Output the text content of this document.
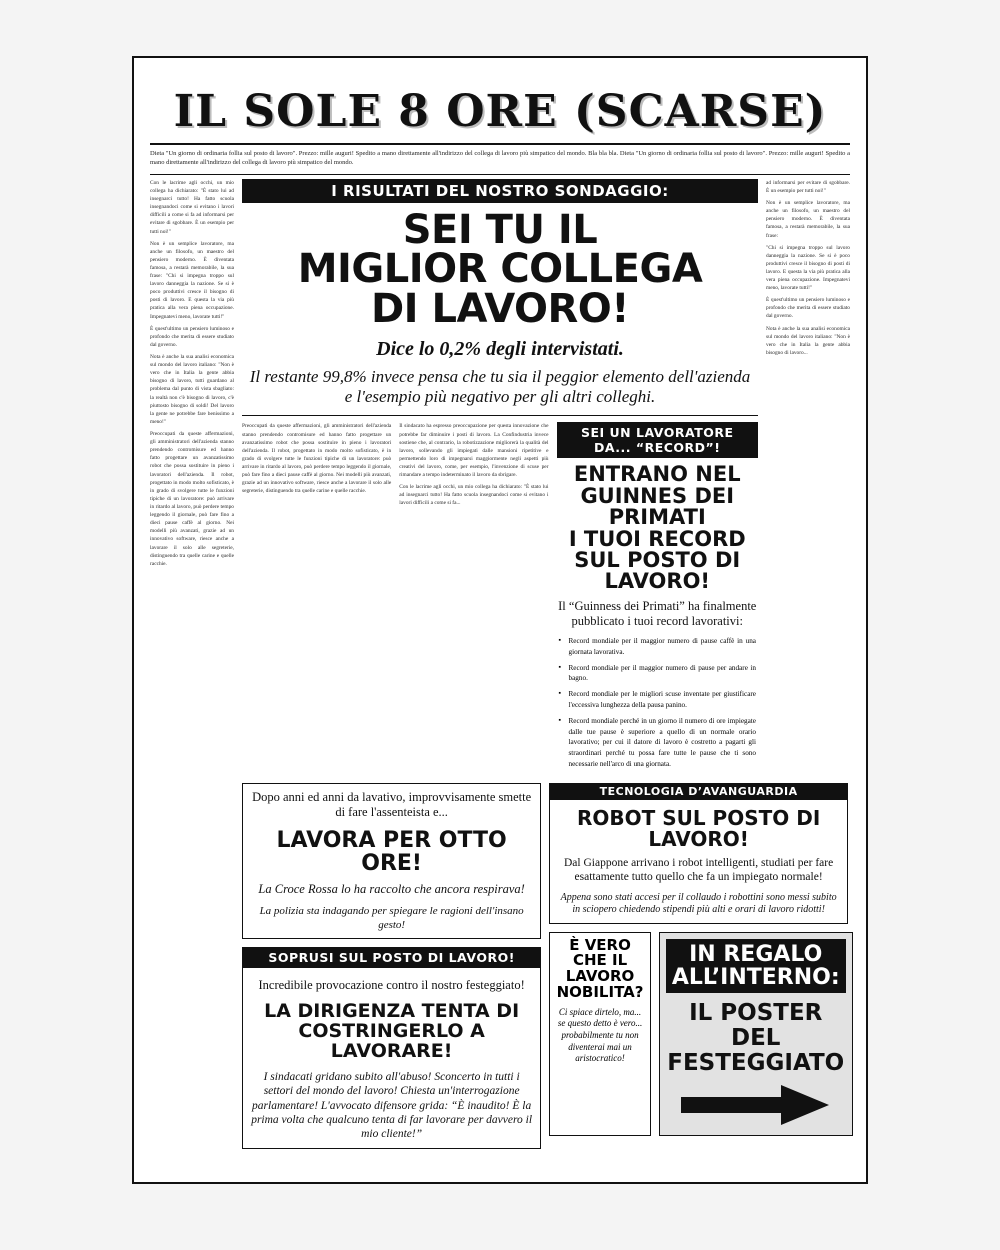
IL SOLE 8 ORE (SCARSE)
Dieta "Un giorno di ordinaria follia sul posto di lavoro". Prezzo: mille auguri! Spedito a mano direttamente all'indirizzo del collega di lavoro più simpatico del mondo. Bla bla bla. Dieta "Un giorno di ordinaria follia sul posto di lavoro". Prezzo: mille auguri! Spedito a mano direttamente all'indirizzo del collega di lavoro più simpatico del mondo.

Con le lacrime agli occhi, un mio collega ha dichiarato: "È stato lui ad insegnarci tutto! Ha fatto scuola insegnandoci come si evitano i lavori difficili a come si fa ad informarsi per evitare di sgobbare. È un esempio per tutti noi!"

Non è un semplice lavoratore, ma anche un filosofo, un maestro del pensiero moderno. È diventata famosa, a restarà memorabile, la sua frase: "Chi si impegna troppo sul lavoro danneggia la nazione. Se si è poco produttivi cresce il bisogno di posti di lavoro. E questa la via più pratica alla vera piena occupazione. Impegnatevi meno, lavorate tutti!"

È quest'ultimo un pensiero luminoso e profondo che merita di essere studiato dal governo.

Nota è anche la sua analisi economica sul mondo del lavoro italiano: "Non è vero che in Italia la gente abbia bisogno di lavoro, tutti guardano al problema dal punto di vista sbagliato: la realtà non c'è bisogno di lavoro, c'è piuttosto bisogno di soldi! Del lavoro la gente ne potrebbe fare benissimo a meno!"

Preoccupati da queste affermazioni, gli amministratori dell'azienda stanno prendendo contromisure ed hanno fatto progettare un avanzatissimo robot che possa sostituire in pieno i lavoratori dell'azienda. Il robot, progettato in modo molto sofisticato, è in grado di svolgere tutte le funzioni tipiche di un lavoratore: può arrivare in ritardo al lavoro, può perdere tempo leggendo il giornale, può fare fino a dieci pause caffè al giorno. Nei modelli più avanzati, grazie ad un innovativo software, riesce anche a lavorare il solo alle segreterie, distinguendo tra quelle carine e quelle racchie.

I RISULTATI DEL NOSTRO SONDAGGIO:
SEI TU IL
MIGLIOR COLLEGA
DI LAVORO!
Dice lo 0,2% degli intervistati.
Il restante 99,8% invece pensa che tu sia il peggior elemento dell'azienda e l'esempio più negativo per gli altri colleghi.

Preoccupati da queste affermazioni, gli amministratori dell'azienda stanno prendendo contromisure ed hanno fatto progettare un avanzatissimo robot che possa sostituire in pieno i lavoratori dell'azienda. Il robot, progettato in modo molto sofisticato, è in grado di svolgere tutte le funzioni tipiche di un lavoratore: può arrivare in ritardo al lavoro, può perdere tempo leggendo il giornale, può fare fino a dieci pause caffè al giorno. Nei modelli più avanzati, grazie ad un innovativo software, riesce anche a lavorare il solo alle segreterie, distinguendo tra quelle carine e quelle racchie.

Il sindacato ha espresso preoccupazione per questa innovazione che potrebbe far diminuire i posti di lavoro. La Confindustria invece sostiene che, al contrario, la robotizzazione migliorerà la qualità del lavoro, sollevando gli impiegati dalle mansioni ripetitive e permettendo loro di impegnarsi maggiormente negli aspetti più creativi del lavoro, come, per esempio, l'invenzione di scuse per rimandare a tempo indeterminato il lavoro da sbrigare.

Con le lacrime agli occhi, un mio collega ha dichiarato: "È stato lui ad insegnarci tutto! Ha fatto scuola insegnandoci come si evitano i lavori difficili a come si fa...

SEI UN LAVORATORE DA... “RECORD”!
ENTRANO NEL
GUINNES DEI PRIMATI
I TUOI RECORD
SUL POSTO DI LAVORO!
Il “Guinness dei Primati” ha finalmente pubblicato i tuoi record lavorativi:
▪ Record mondiale per il maggior numero di pause caffè in una giornata lavorativa.
▪ Record mondiale per il maggior numero di pause per andare in bagno.
▪ Record mondiale per le migliori scuse inventate per giustificare l'eccessiva lunghezza della pausa panino.
▪ Record mondiale perché in un giorno il numero di ore impiegate dalle tue pause è superiore a quello di un normale orario lavorativo; per cui il datore di lavoro è costretto a pagarti gli straordinari perché tu possa fare tutte le pause che ti sono necessarie nell'arco di una giornata.
Dopo anni ed anni da lavativo, improvvisamente smette di fare l'assenteista e...
LAVORA PER OTTO ORE!
La Croce Rossa lo ha raccolto che ancora respirava!
La polizia sta indagando per spiegare le ragioni dell'insano gesto!
SOPRUSI SUL POSTO DI LAVORO!
Incredibile provocazione contro il nostro festeggiato!
LA DIRIGENZA TENTA DI
COSTRINGERLO A LAVORARE!
I sindacati gridano subito all'abuso! Sconcerto in tutti i settori del mondo del lavoro! Chiesta un'interrogazione parlamentare! L'avvocato difensore grida: “È inaudito! È la prima volta che qualcuno tenta di far lavorare per davvero il mio cliente!”
TECNOLOGIA D’AVANGUARDIA
ROBOT SUL POSTO DI LAVORO!
Dal Giappone arrivano i robot intelligenti, studiati per fare esattamente tutto quello che fa un impiegato normale!
Appena sono stati accesi per il collaudo i robottini sono messi subito in sciopero chiedendo stipendi più alti e orari di lavoro ridotti!
È VERO
CHE IL
LAVORO
NOBILITA?
Ci spiace dirtelo, ma... se questo detto è vero... probabilmente tu non diventerai mai un aristocratico!
IN REGALO
ALL’INTERNO:
IL POSTER DEL
FESTEGGIATO

ad informarsi per evitare di sgobbare. È un esempio per tutti noi!"

Non è un semplice lavoratore, ma anche un filosofo, un maestro del pensiero moderno. È diventata famosa, a restarà memorabile, la sua frase:

"Chi si impegna troppo sul lavoro danneggia la nazione. Se si è poco produttivi cresce il bisogno di posti di lavoro. E questa la via più pratica alla vera piena occupazione. Impegnatevi meno, lavorate tutti!"

È quest'ultimo un pensiero luminoso e profondo che merita di essere studiato dal governo.

Nota è anche la sua analisi economica sul mondo del lavoro italiano: "Non è vero che in Italia la gente abbia bisogno di lavoro...
